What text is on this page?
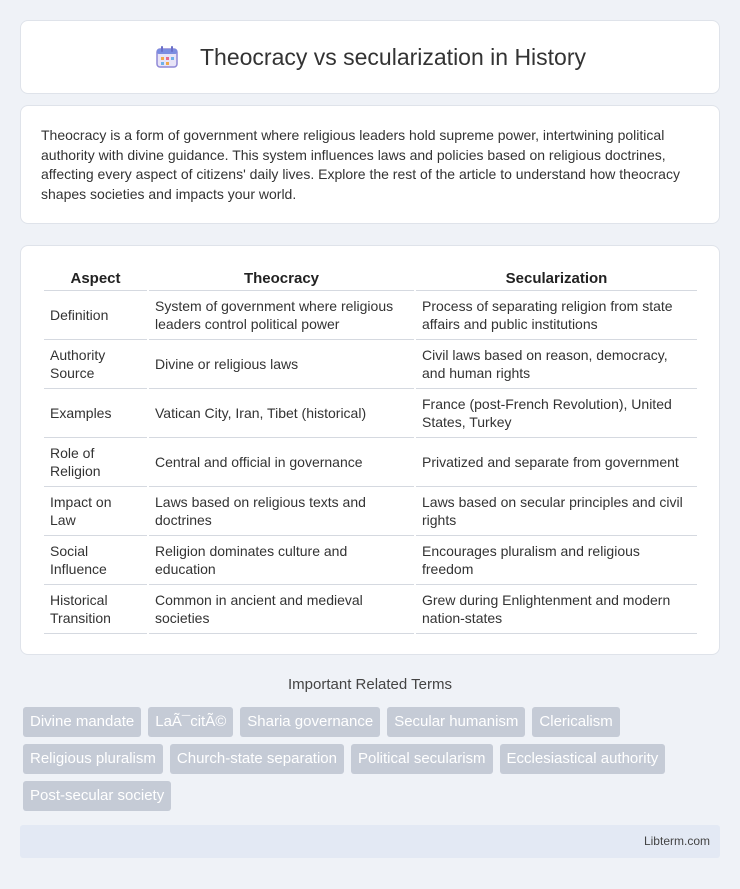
Theocracy vs secularization in History

Theocracy is a form of government where religious leaders hold supreme power, intertwining political authority with divine guidance. This system influences laws and policies based on religious doctrines, affecting every aspect of citizens' daily lives. Explore the rest of the article to understand how theocracy shapes societies and impacts your world.

Aspect	Theocracy	Secularization
Definition	System of government where religious leaders control political power	Process of separating religion from state affairs and public institutions
Authority Source	Divine or religious laws	Civil laws based on reason, democracy, and human rights
Examples	Vatican City, Iran, Tibet (historical)	France (post-French Revolution), United States, Turkey
Role of Religion	Central and official in governance	Privatized and separate from government
Impact on Law	Laws based on religious texts and doctrines	Laws based on secular principles and civil rights
Social Influence	Religion dominates culture and education	Encourages pluralism and religious freedom
Historical Transition	Common in ancient and medieval societies	Grew during Enlightenment and modern nation-states
Important Related Terms
Divine mandate	LaÃ¯citÃ©	Sharia governance	Secular humanism	Clericalism
Religious pluralism	Church-state separation	Political secularism	Ecclesiastical authority
Post-secular society
Libterm.com
